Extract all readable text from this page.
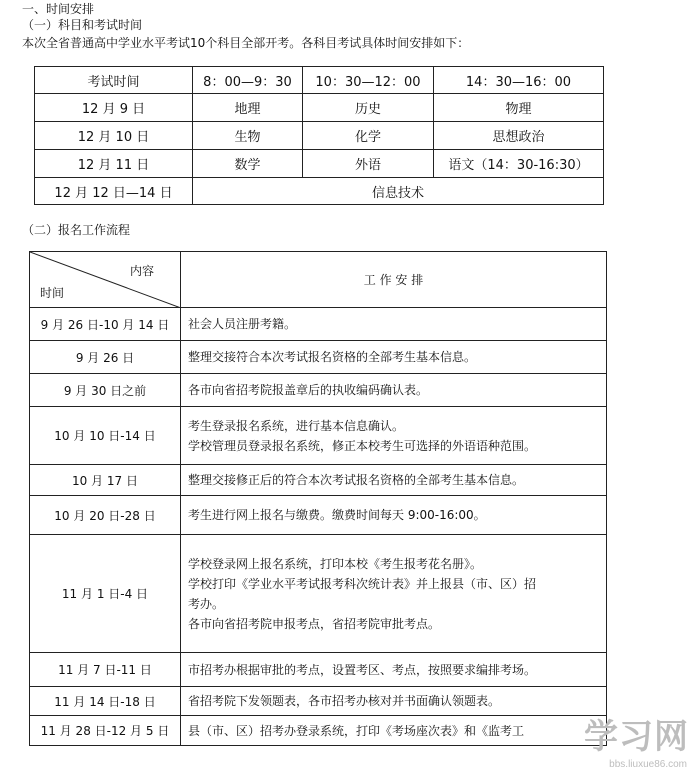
一、时间安排
（一）科目和考试时间
本次全省普通高中学业水平考试10个科目全部开考。各科目考试具体时间安排如下：
考试时间	8：00—9：30	10：30—12：00	14：30—16：00
12 月 9 日	地理	历史	物理
12 月 10 日	生物	化学	思想政治
12 月 11 日	数学	外语	语文（14：30-16:30）
12 月 12 日—14 日	信息技术		
（二）报名工作流程
内容
时间	工 作 安 排
9 月 26 日-10 月 14 日	社会人员注册考籍。

9 月 26 日	整理交接符合本次考试报名资格的全部考生基本信息。

9 月 30 日之前	各市向省招考院报盖章后的执收编码确认表。

10 月 10 日-14 日	考生登录报名系统，进行基本信息确认。
学校管理员登录报名系统，修正本校考生可选择的外语语种范围。

10 月 17 日	整理交接修正后的符合本次考试报名资格的全部考生基本信息。

10 月 20 日-28 日	考生进行网上报名与缴费。缴费时间每天 9:00-16:00。

11 月 1 日-4 日	学校登录网上报名系统，打印本校《考生报考花名册》。
学校打印《学业水平考试报考科次统计表》并上报县（市、区）招
考办。
各市向省招考院申报考点，省招考院审批考点。

11 月 7 日-11 日	市招考办根据审批的考点，设置考区、考点，按照要求编排考场。

11 月 14 日-18 日	省招考院下发领题表，各市招考办核对并书面确认领题表。

11 月 28 日-12 月 5 日	县（市、区）招考办登录系统，打印《考场座次表》和《监考工	学习网
bbs.liuxue86.com
